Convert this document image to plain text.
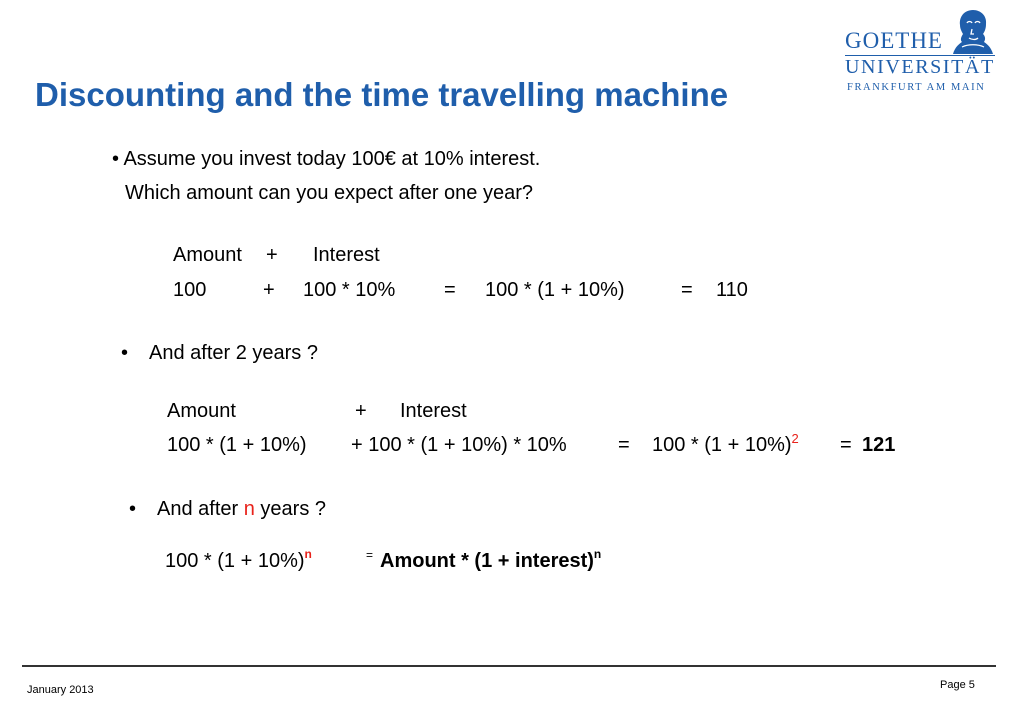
Discounting and the time travelling machine
GOETHE
UNIVERSITÄT
FRANKFURT AM MAIN
• Assume you invest today 100€ at 10% interest.
Which amount can you expect after one year?
Amount + Interest
100	+ 100 * 10% = 100 * (1 + 10%)	= 110
• And after 2 years ?
Amount	+ Interest
100 * (1 + 10%) + 100 * (1 + 10%) * 10%	= $100 * (1 + 10\%)^2 = 121$
• And after n years ?
$100 * (1 + 10\%)^n$	= Amount * (1 + interest)$^n$
January 2013	Page 5
